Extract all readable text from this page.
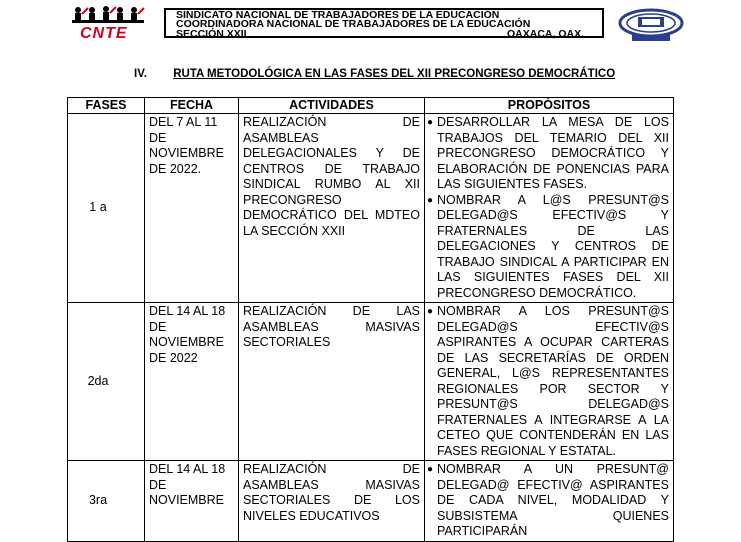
CNTE
SINDICATO NACIONAL DE TRABAJADORES DE LA EDUCACIÓN
COORDINADORA NACIONAL DE TRABAJADORES DE LA EDUCACIÓN
SECCIÓN XXII	OAXACA, OAX.
IV. RUTA METODOLÓGICA EN LAS FASES DEL XII PRECONGRESO DEMOCRÁTICO
FASES	FECHA	ACTIVIDADES	PROPÓSITOS
1 a	DEL 7 AL 11 DE NOVIEMBRE DE 2022.	REALIZACIÓN DE ASAMBLEAS DELEGACIONALES Y DE CENTROS DE TRABAJO SINDICAL RUMBO AL XII PRECONGRESO DEMOCRÁTICO DEL MDTEO LA SECCIÓN XXII	● DESARROLLAR LA MESA DE LOS TRABAJOS DEL TEMARIO DEL XII PRECONGRESO DEMOCRÁTICO Y ELABORACIÓN DE PONENCIAS PARA LAS SIGUIENTES FASES.
● NOMBRAR A L@S PRESUNT@S DELEGAD@S EFECTIV@S Y FRATERNALES DE LAS DELEGACIONES Y CENTROS DE TRABAJO SINDICAL A PARTICIPAR EN LAS SIGUIENTES FASES DEL XII PRECONGRESO DEMOCRÁTICO.

2da	DEL 14 AL 18 DE NOVIEMBRE DE 2022	REALIZACIÓN DE LAS ASAMBLEAS MASIVAS SECTORIALES	● NOMBRAR A LOS PRESUNT@S DELEGAD@S EFECTIV@S ASPIRANTES A OCUPAR CARTERAS DE LAS SECRETARÍAS DE ORDEN GENERAL, L@S REPRESENTANTES REGIONALES POR SECTOR Y PRESUNT@S DELEGAD@S FRATERNALES A INTEGRARSE A LA CETEO QUE CONTENDERÁN EN LAS FASES REGIONAL Y ESTATAL.

3ra	DEL 14 AL 18 DE NOVIEMBRE	REALIZACIÓN DE ASAMBLEAS MASIVAS SECTORIALES DE LOS NIVELES EDUCATIVOS	● NOMBRAR A UN PRESUNT@ DELEGAD@ EFECTIV@ ASPIRANTES DE CADA NIVEL, MODALIDAD Y SUBSISTEMA QUIENES PARTICIPARÁN
